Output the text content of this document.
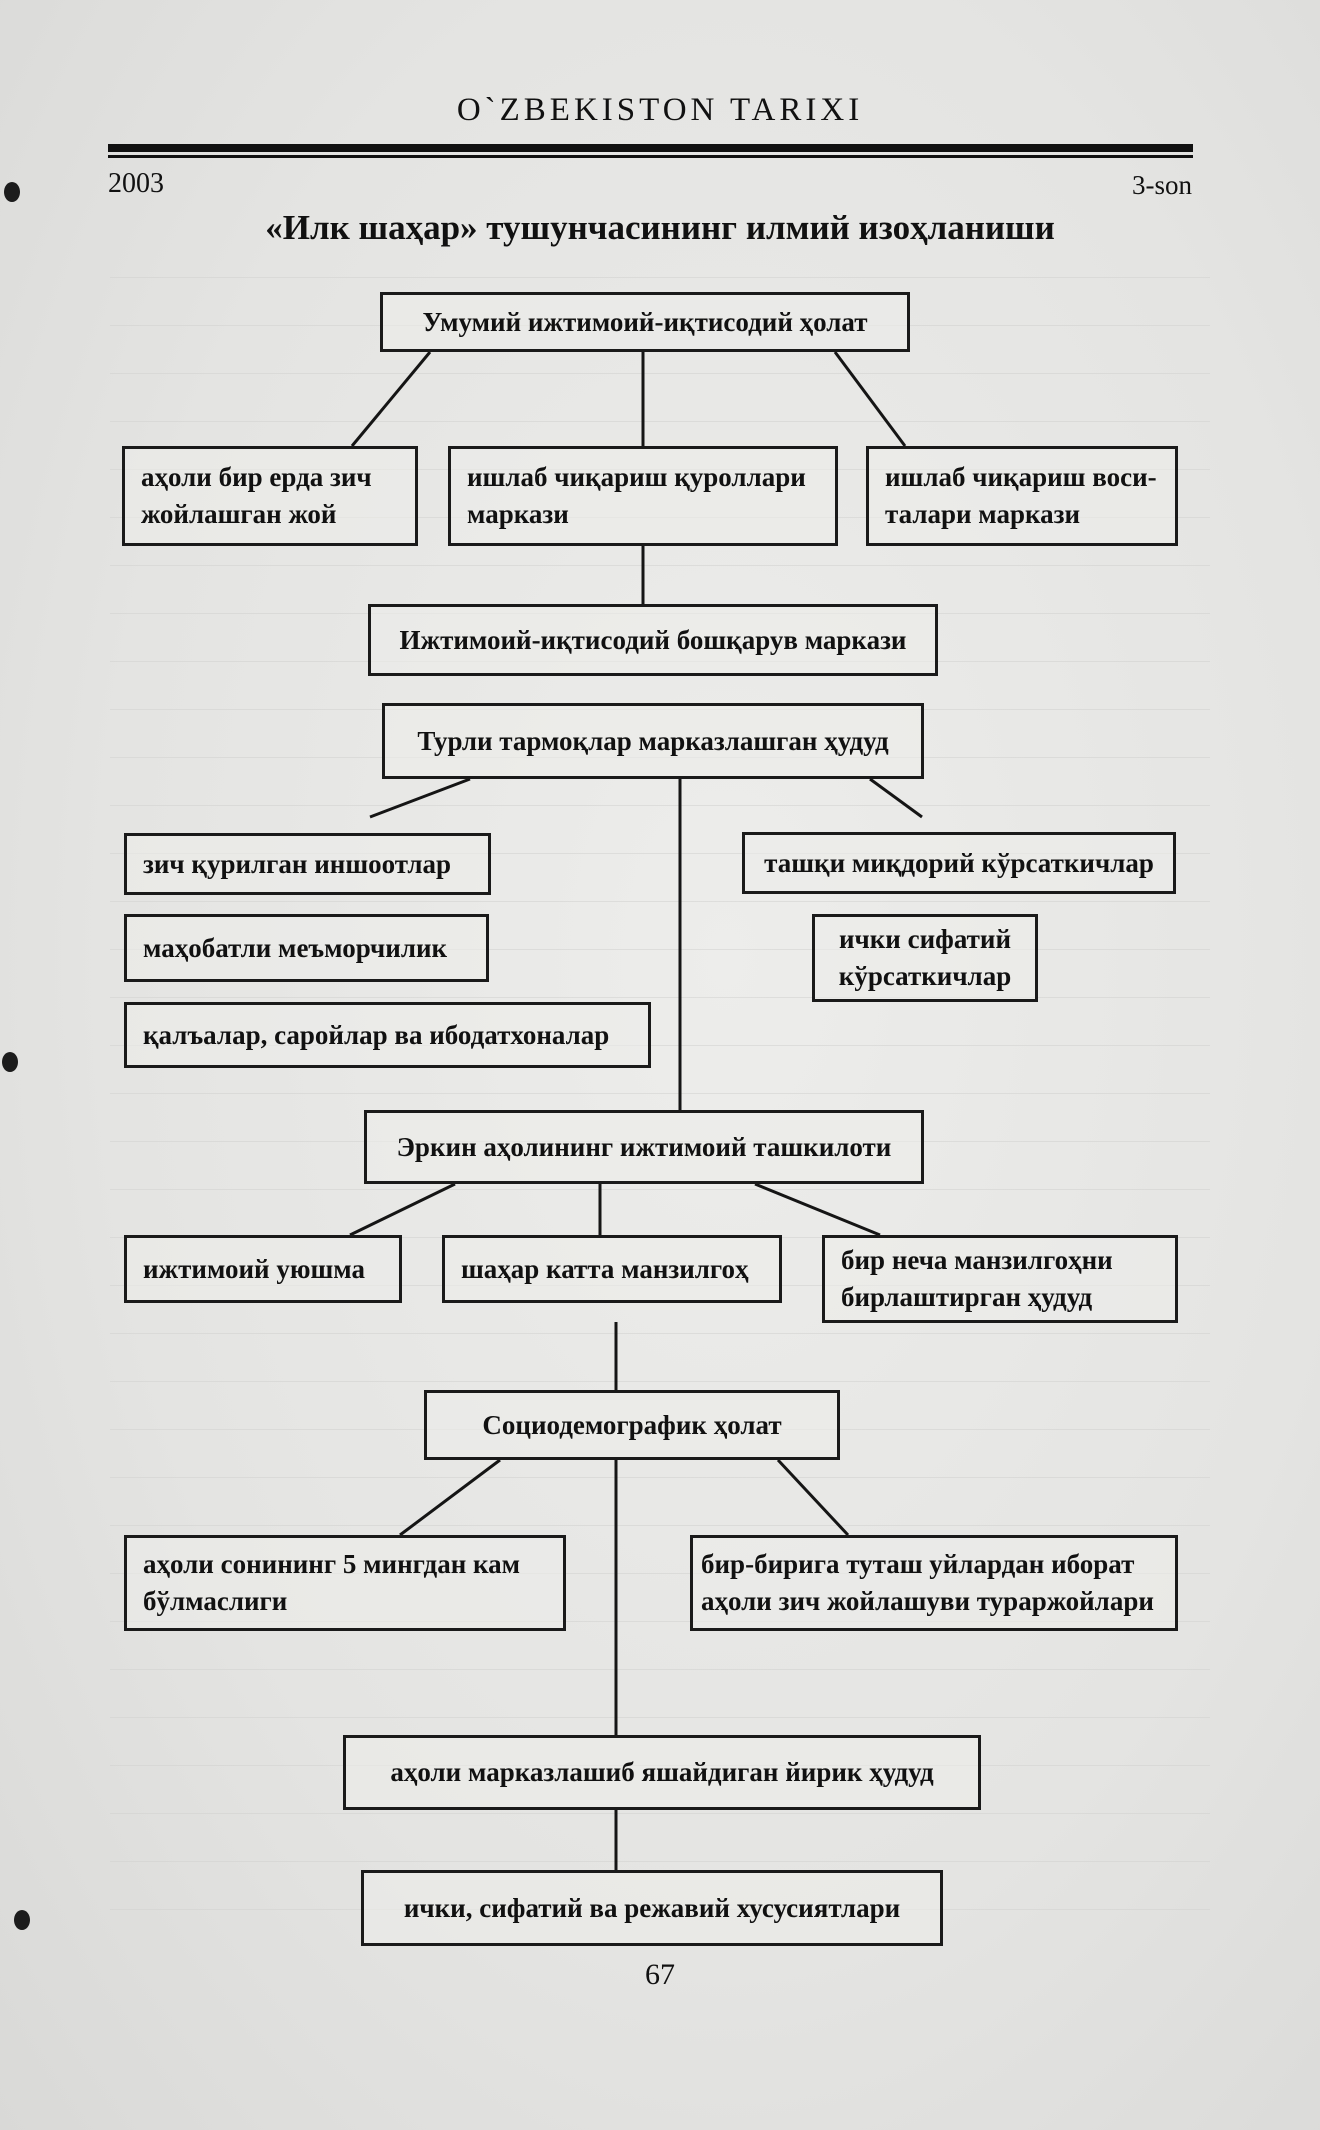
O`ZBEKISTON TARIXI
2003	3-son
«Илк шаҳар» тушунчасининг илмий изоҳланиши
Умумий ижтимоий-иқтисодий ҳолат
аҳоли бир ерда зич
жойлашган жой
ишлаб чиқариш қуроллари
маркази
ишлаб чиқариш воси-
талари маркази
Ижтимоий-иқтисодий бошқарув маркази
Турли тармоқлар марказлашган ҳудуд
зич қурилган иншоотлар
маҳобатли меъморчилик
қалъалар, саройлар ва ибодатхоналар
ташқи миқдорий кўрсаткичлар
ички сифатий
кўрсаткичлар
Эркин аҳолининг ижтимоий ташкилоти
ижтимоий уюшма	шаҳар катта манзилгоҳ	бир неча манзилгоҳни
бирлаштирган ҳудуд
Социодемографик ҳолат
аҳоли сонининг 5 мингдан кам
бўлмаслиги
бир-бирига туташ уйлардан иборат
аҳоли зич жойлашуви тураржойлари
аҳоли марказлашиб яшайдиган йирик ҳудуд
ички, сифатий ва режавий хусусиятлари
67
